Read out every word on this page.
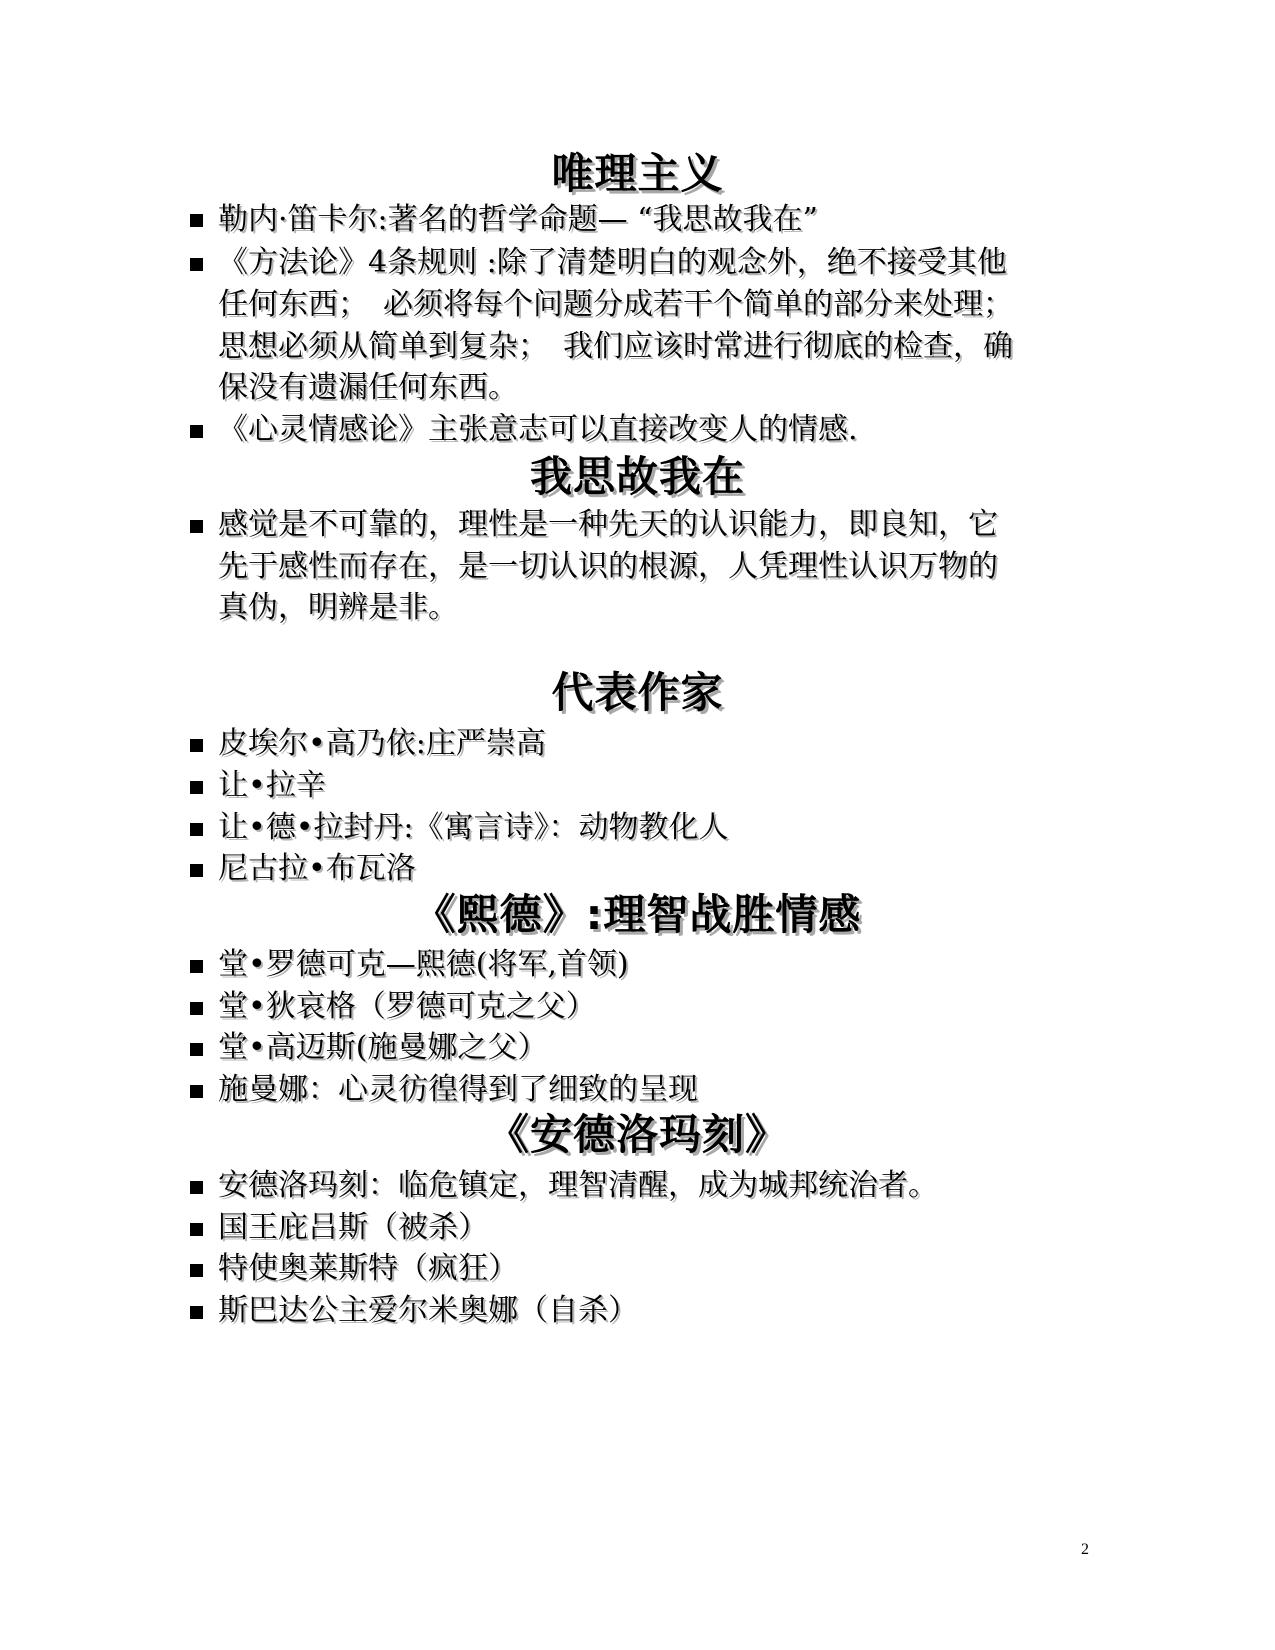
唯理主义
勒内·笛卡尔:著名的哲学命题— “我思故我在”
《方法论》4条规则 :除了清楚明白的观念外，绝不接受其他
任何东西；　必须将每个问题分成若干个简单的部分来处理；
思想必须从简单到复杂；　我们应该时常进行彻底的检查，确
保没有遗漏任何东西。
《心灵情感论》主张意志可以直接改变人的情感.
我思故我在
感觉是不可靠的，理性是一种先天的认识能力，即良知，它
先于感性而存在，是一切认识的根源，人凭理性认识万物的
真伪，明辨是非。
代表作家
皮埃尔•高乃依:庄严崇高
让•拉辛
让•德•拉封丹:《寓言诗》：动物教化人
尼古拉•布瓦洛
《熙德》:理智战胜情感
堂•罗德可克—熙德(将军,首领)
堂•狄哀格（罗德可克之父）
堂•高迈斯(施曼娜之父）
施曼娜：心灵彷徨得到了细致的呈现
《安德洛玛刻》
安德洛玛刻：临危镇定，理智清醒，成为城邦统治者。
国王庇吕斯（被杀）
特使奥莱斯特（疯狂）
斯巴达公主爱尔米奥娜（自杀）
2
